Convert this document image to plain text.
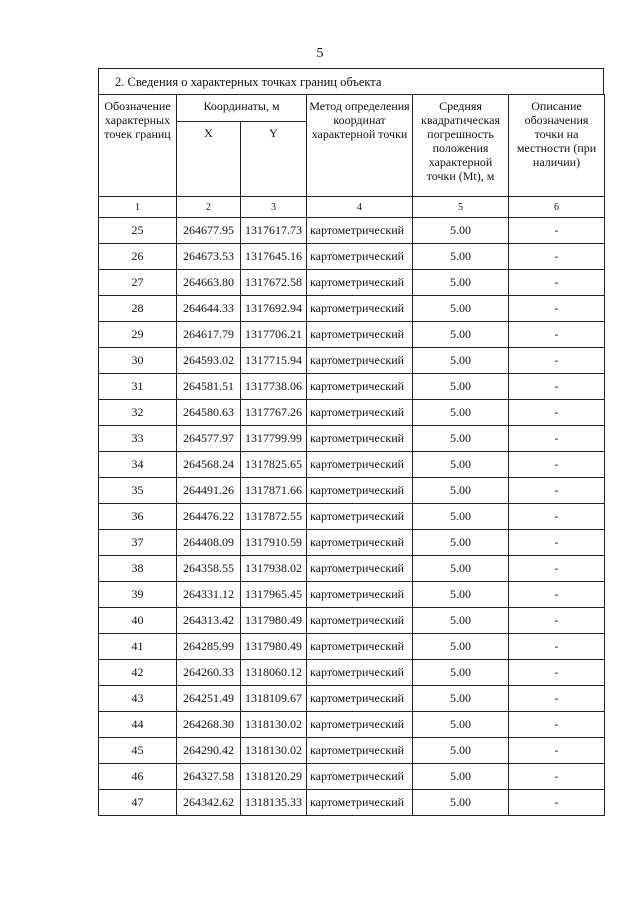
5
2. Сведения о характерных точках границ объекта
Обозначение характерных точек границ	Координаты, м		Метод определения координат характерной точки	Средняя квадратическая погрешность положения характерной точки (Mt), м	Описание обозначения точки на местности (при наличии)
	X	Y			
1	2	3	4	5	6
25	264677.95	1317617.73	картометрический	5.00	-
26	264673.53	1317645.16	картометрический	5.00	-
27	264663.80	1317672.58	картометрический	5.00	-
28	264644.33	1317692.94	картометрический	5.00	-
29	264617.79	1317706.21	картометрический	5.00	-
30	264593.02	1317715.94	картометрический	5.00	-
31	264581.51	1317738.06	картометрический	5.00	-
32	264580.63	1317767.26	картометрический	5.00	-
33	264577.97	1317799.99	картометрический	5.00	-
34	264568.24	1317825.65	картометрический	5.00	-
35	264491.26	1317871.66	картометрический	5.00	-
36	264476.22	1317872.55	картометрический	5.00	-
37	264408.09	1317910.59	картометрический	5.00	-
38	264358.55	1317938.02	картометрический	5.00	-
39	264331.12	1317965.45	картометрический	5.00	-
40	264313.42	1317980.49	картометрический	5.00	-
41	264285.99	1317980.49	картометрический	5.00	-
42	264260.33	1318060.12	картометрический	5.00	-
43	264251.49	1318109.67	картометрический	5.00	-
44	264268.30	1318130.02	картометрический	5.00	-
45	264290.42	1318130.02	картометрический	5.00	-
46	264327.58	1318120.29	картометрический	5.00	-
47	264342.62	1318135.33	картометрический	5.00	-
